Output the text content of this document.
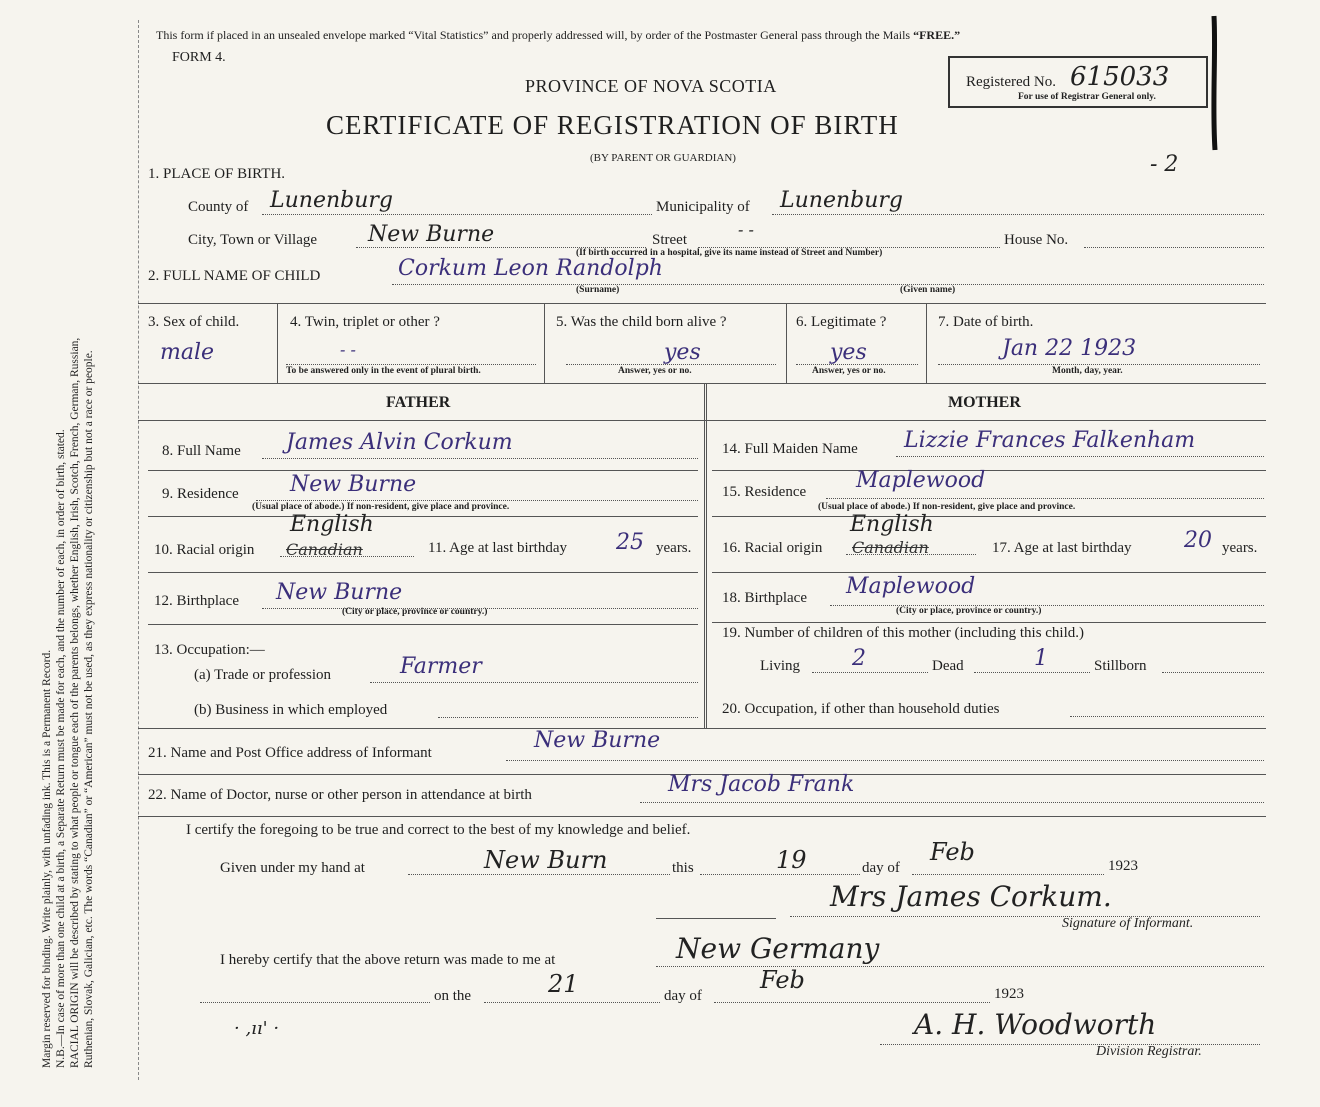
Margin reserved for binding. Write plainly, with unfading ink. This is a Permanent Record. N.B.—In case of more than one child at a birth, a Separate Return must be made for each, and the number of each, in order of birth, stated. RACIAL ORIGIN will be described by stating to what people or tongue each of the parents belongs, whether English, Irish, Scotch, French, German, Russian, Ruthenian, Slovak, Galician, etc. The words “Canadian” or “American” must not be used, as they express nationality or citizenship but not a race or people.
This form if placed in an unsealed envelope marked “Vital Statistics” and properly addressed will, by order of the Postmaster General pass through the Mails “FREE.”
FORM 4.
PROVINCE OF NOVA SCOTIA
CERTIFICATE OF REGISTRATION OF BIRTH
(BY PARENT OR GUARDIAN)
Registered No. 615033
For use of Registrar General only.
- 2
1. PLACE OF BIRTH.
County of Lunenburg	Municipality of Lunenburg
City, Town or Village New Burne	Street
- -
House No.
(If birth occurred in a hospital, give its name instead of Street and Number)
2. FULL NAME OF CHILD	Corkum Leon Randolph
(Surname)	(Given name)
3. Sex of child.
male
4. Twin, triplet or other ?
- -
To be answered only in the event of plural birth.
5. Was the child born alive ?
yes
Answer, yes or no.
6. Legitimate ?
yes
Answer, yes or no.
7. Date of birth.
Jan 22 1923
Month, day, year.
FATHER	MOTHER
8. Full Name James Alvin Corkum
9. Residence New Burne
(Usual place of abode.) If non-resident, give place and province.
10. Racial origin Canadian
English
11. Age at last birthday 25 years.
12. Birthplace New Burne
(City or place, province or country.)
13. Occupation:—
(a) Trade or profession	Farmer
(b) Business in which employed
14. Full Maiden Name Lizzie Frances Falkenham
15. Residence Maplewood
(Usual place of abode.) If non-resident, give place and province.
16. Racial origin Canadian
English
17. Age at last birthday 20 years.
18. Birthplace Maplewood
(City or place, province or country.)
19. Number of children of this mother (including this child.)
Living 2	Dead	1	Stillborn
20. Occupation, if other than household duties
21. Name and Post Office address of Informant	New Burne
22. Name of Doctor, nurse or other person in attendance at birth	Mrs Jacob Frank
I certify the foregoing to be true and correct to the best of my knowledge and belief.
Given under my hand at	New Burn	this	19	day of
Feb	1923
Mrs James Corkum.
Signature of Informant.
I hereby certify that the above return was made to me at	New Germany
on the	21	day of
Feb	1923
· ,ıı' ·	A. H. Woodworth
Division Registrar.
